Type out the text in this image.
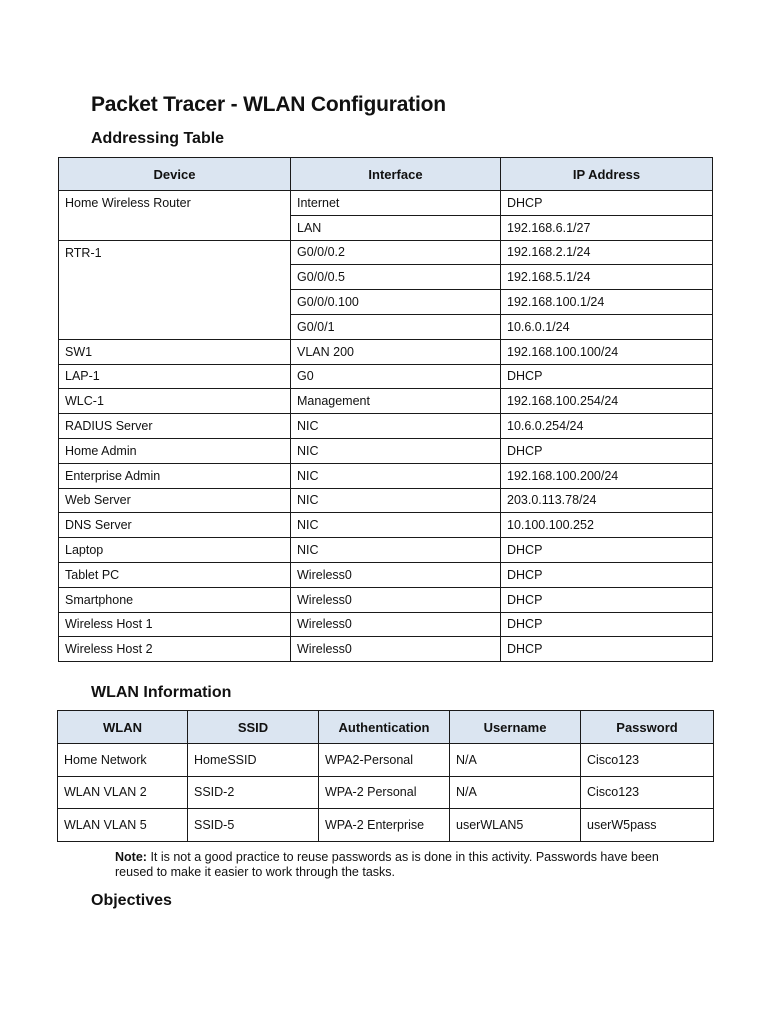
Packet Tracer - WLAN Configuration
Addressing Table
Device	Interface	IP Address
Home Wireless Router	Internet	DHCP
	LAN	192.168.6.1/27
RTR-1	G0/0/0.2	192.168.2.1/24
	G0/0/0.5	192.168.5.1/24
	G0/0/0.100	192.168.100.1/24
	G0/0/1	10.6.0.1/24
SW1	VLAN 200	192.168.100.100/24
LAP-1	G0	DHCP
WLC-1	Management	192.168.100.254/24
RADIUS Server	NIC	10.6.0.254/24
Home Admin	NIC	DHCP
Enterprise Admin	NIC	192.168.100.200/24
Web Server	NIC	203.0.113.78/24
DNS Server	NIC	10.100.100.252
Laptop	NIC	DHCP
Tablet PC	Wireless0	DHCP
Smartphone	Wireless0	DHCP
Wireless Host 1	Wireless0	DHCP
Wireless Host 2	Wireless0	DHCP
WLAN Information
WLAN	SSID	Authentication	Username	Password
Home Network	HomeSSID	WPA2-Personal	N/A	Cisco123
WLAN VLAN 2	SSID-2	WPA-2 Personal	N/A	Cisco123
WLAN VLAN 5	SSID-5	WPA-2 Enterprise	userWLAN5	userW5pass

Note: It is not a good practice to reuse passwords as is done in this activity. Passwords have been reused to make it easier to work through the tasks.

Objectives
